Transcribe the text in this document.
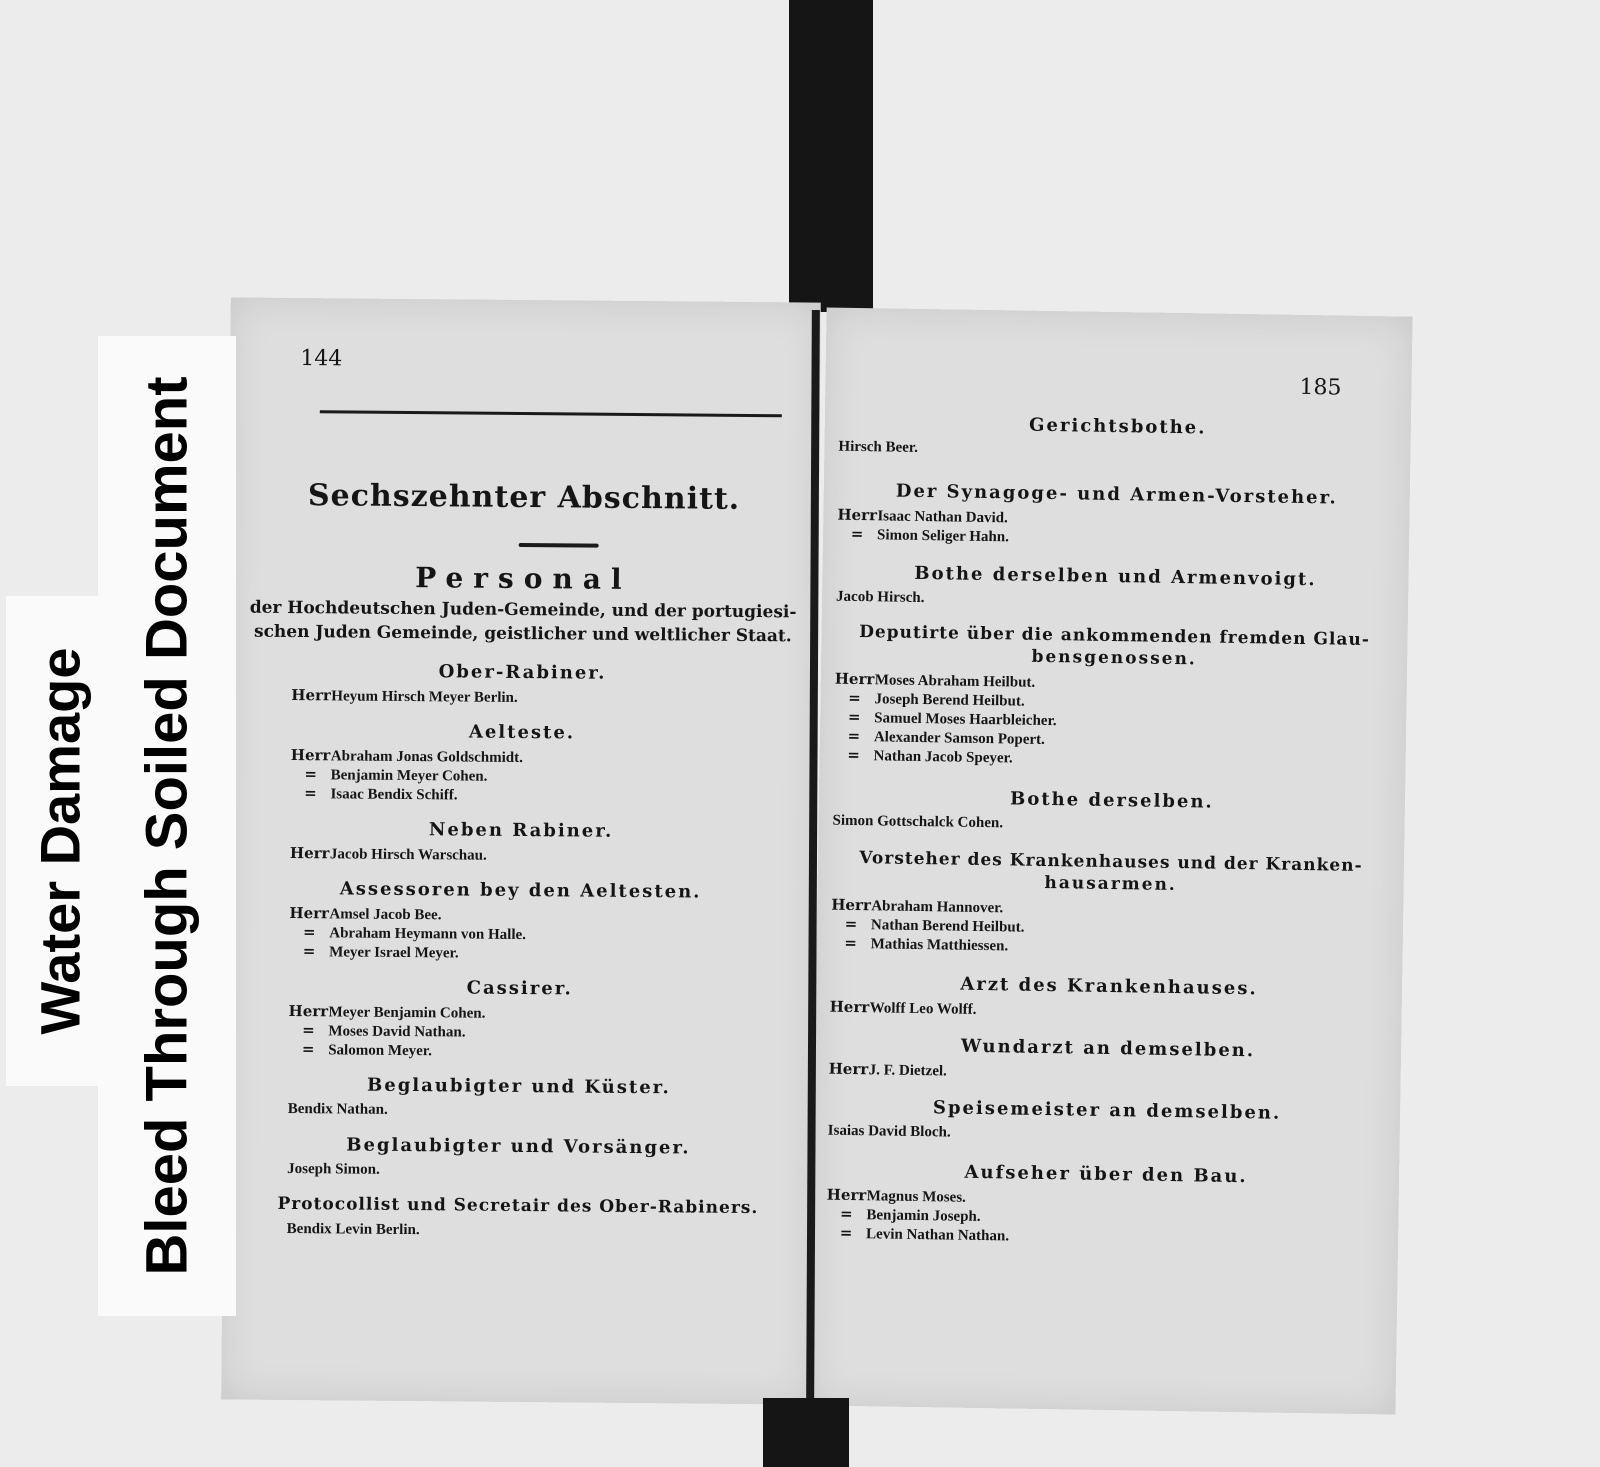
144
Sechszehnter Abschnitt.
Personal
der Hochdeutschen Juden-Gemeinde, und der portugiesi-
schen Juden Gemeinde, geistlicher und weltlicher Staat.
Ober-Rabiner.
HerrHeyum Hirsch Meyer Berlin.
Aelteste.
HerrAbraham Jonas Goldschmidt.
= Benjamin Meyer Cohen.
= Isaac Bendix Schiff.
Neben Rabiner.
HerrJacob Hirsch Warschau.
Assessoren bey den Aeltesten.
HerrAmsel Jacob Bee.
= Abraham Heymann von Halle.
= Meyer Israel Meyer.
Cassirer.
HerrMeyer Benjamin Cohen.
= Moses David Nathan.
= Salomon Meyer.
Beglaubigter und Küster.
Bendix Nathan.
Beglaubigter und Vorsänger.
Joseph Simon.
Protocollist und Secretair des Ober-Rabiners.
Bendix Levin Berlin.
185
Gerichtsbothe.
Hirsch Beer.
Der Synagoge- und Armen-Vorsteher.
HerrIsaac Nathan David.
= Simon Seliger Hahn.
Bothe derselben und Armenvoigt.
Jacob Hirsch.
Deputirte über die ankommenden fremden Glau-
bensgenossen.
HerrMoses Abraham Heilbut.
= Joseph Berend Heilbut.
= Samuel Moses Haarbleicher.
= Alexander Samson Popert.
= Nathan Jacob Speyer.
Bothe derselben.
Simon Gottschalck Cohen.
Vorsteher des Krankenhauses und der Kranken-
hausarmen.
HerrAbraham Hannover.
= Nathan Berend Heilbut.
= Mathias Matthiessen.
Arzt des Krankenhauses.
HerrWolff Leo Wolff.
Wundarzt an demselben.
HerrJ. F. Dietzel.
Speisemeister an demselben.
Isaias David Bloch.
Aufseher über den Bau.
HerrMagnus Moses.
= Benjamin Joseph.
= Levin Nathan Nathan.
Water Damage Bleed Through Soiled Document
